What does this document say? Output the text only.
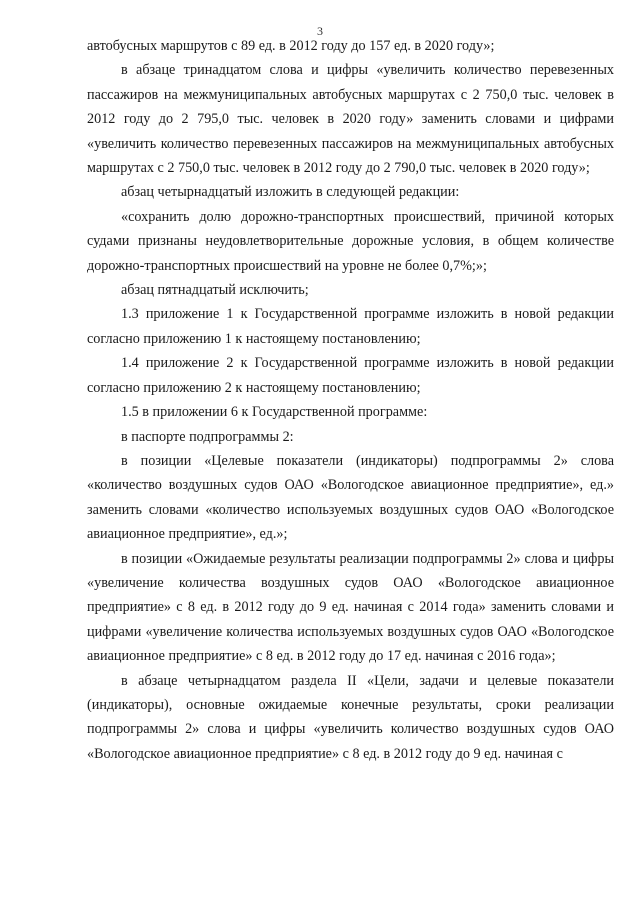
3

автобусных маршрутов с 89 ед. в 2012 году до 157 ед. в 2020 году»;

в абзаце тринадцатом слова и цифры «увеличить количество перевезенных пассажиров на межмуниципальных автобусных маршрутах с 2 750,0 тыс. человек в 2012 году до 2 795,0 тыс. человек в 2020 году» заменить словами и цифрами «увеличить количество перевезенных пассажиров на межмуниципальных автобусных маршрутах с 2 750,0 тыс. человек в 2012 году до 2 790,0 тыс. человек в 2020 году»;

абзац четырнадцатый изложить в следующей редакции:

«сохранить долю дорожно-транспортных происшествий, причиной которых судами признаны неудовлетворительные дорожные условия, в общем количестве дорожно-транспортных происшествий на уровне не более 0,7%;»;

абзац пятнадцатый исключить;

1.3 приложение 1 к Государственной программе изложить в новой редакции согласно приложению 1 к настоящему постановлению;

1.4 приложение 2 к Государственной программе изложить в новой редакции согласно приложению 2 к настоящему постановлению;

1.5 в приложении 6 к Государственной программе:

в паспорте подпрограммы 2:

в позиции «Целевые показатели (индикаторы) подпрограммы 2» слова «количество воздушных судов ОАО «Вологодское авиационное предприятие», ед.» заменить словами «количество используемых воздушных судов ОАО «Вологодское авиационное предприятие», ед.»;

в позиции «Ожидаемые результаты реализации подпрограммы 2» слова и цифры «увеличение количества воздушных судов ОАО «Вологодское авиационное предприятие» с 8 ед. в 2012 году до 9 ед. начиная с 2014 года» заменить словами и цифрами «увеличение количества используемых воздушных судов ОАО «Вологодское авиационное предприятие» с 8 ед. в 2012 году до 17 ед. начиная с 2016 года»;

в абзаце четырнадцатом раздела II «Цели, задачи и целевые показатели (индикаторы), основные ожидаемые конечные результаты, сроки реализации подпрограммы 2» слова и цифры «увеличить количество воздушных судов ОАО «Вологодское авиационное предприятие» с 8 ед. в 2012 году до 9 ед. начиная с
